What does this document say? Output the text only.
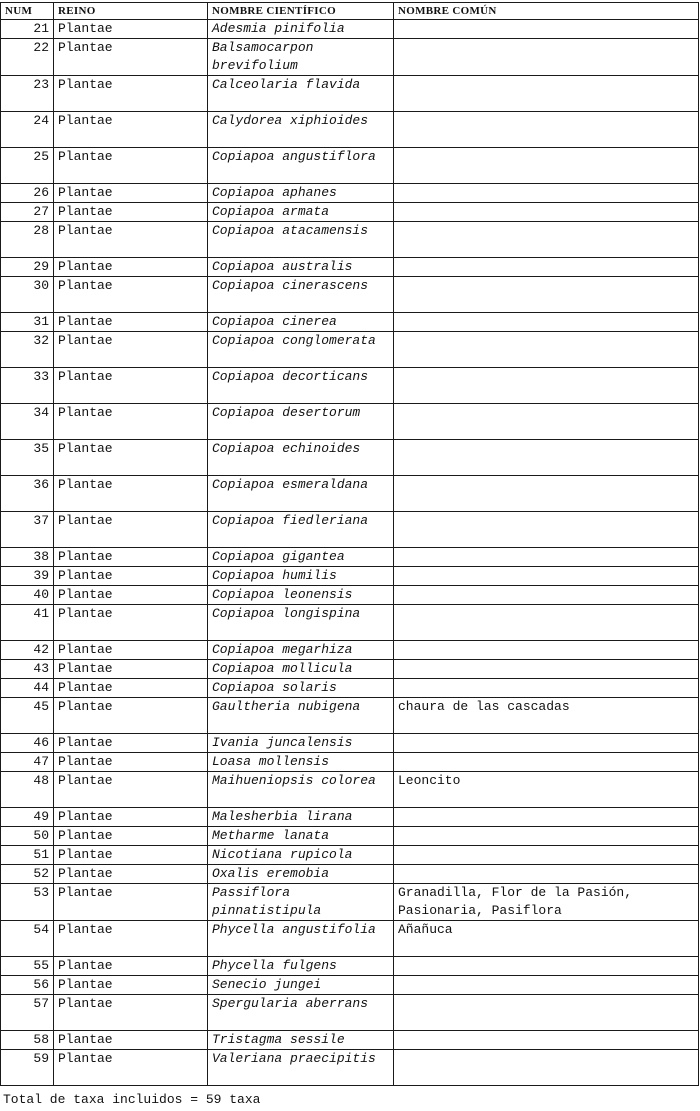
NUM	REINO	NOMBRE CIENTÍFICO	NOMBRE COMÚN
21	Plantae	Adesmia pinifolia	
22	Plantae	Balsamocarpon brevifolium	
23	Plantae	Calceolaria flavida	
24	Plantae	Calydorea xiphioides	
25	Plantae	Copiapoa angustiflora	
26	Plantae	Copiapoa aphanes	
27	Plantae	Copiapoa armata	
28	Plantae	Copiapoa atacamensis	
29	Plantae	Copiapoa australis	
30	Plantae	Copiapoa cinerascens	
31	Plantae	Copiapoa cinerea	
32	Plantae	Copiapoa conglomerata	
33	Plantae	Copiapoa decorticans	
34	Plantae	Copiapoa desertorum	
35	Plantae	Copiapoa echinoides	
36	Plantae	Copiapoa esmeraldana	
37	Plantae	Copiapoa fiedleriana	
38	Plantae	Copiapoa gigantea	
39	Plantae	Copiapoa humilis	
40	Plantae	Copiapoa leonensis	
41	Plantae	Copiapoa longispina	
42	Plantae	Copiapoa megarhiza	
43	Plantae	Copiapoa mollicula	
44	Plantae	Copiapoa solaris	
45	Plantae	Gaultheria nubigena	chaura de las cascadas
46	Plantae	Ivania juncalensis	
47	Plantae	Loasa mollensis	
48	Plantae	Maihueniopsis colorea	Leoncito
49	Plantae	Malesherbia lirana	
50	Plantae	Metharme lanata	
51	Plantae	Nicotiana rupicola	
52	Plantae	Oxalis eremobia	
53	Plantae	Passiflora pinnatistipula	Granadilla, Flor de la Pasión, Pasionaria, Pasiflora
54	Plantae	Phycella angustifolia	Añañuca
55	Plantae	Phycella fulgens	
56	Plantae	Senecio jungei	
57	Plantae	Spergularia aberrans	
58	Plantae	Tristagma sessile	
59	Plantae	Valeriana praecipitis	
Total de taxa incluidos = 59 taxa
